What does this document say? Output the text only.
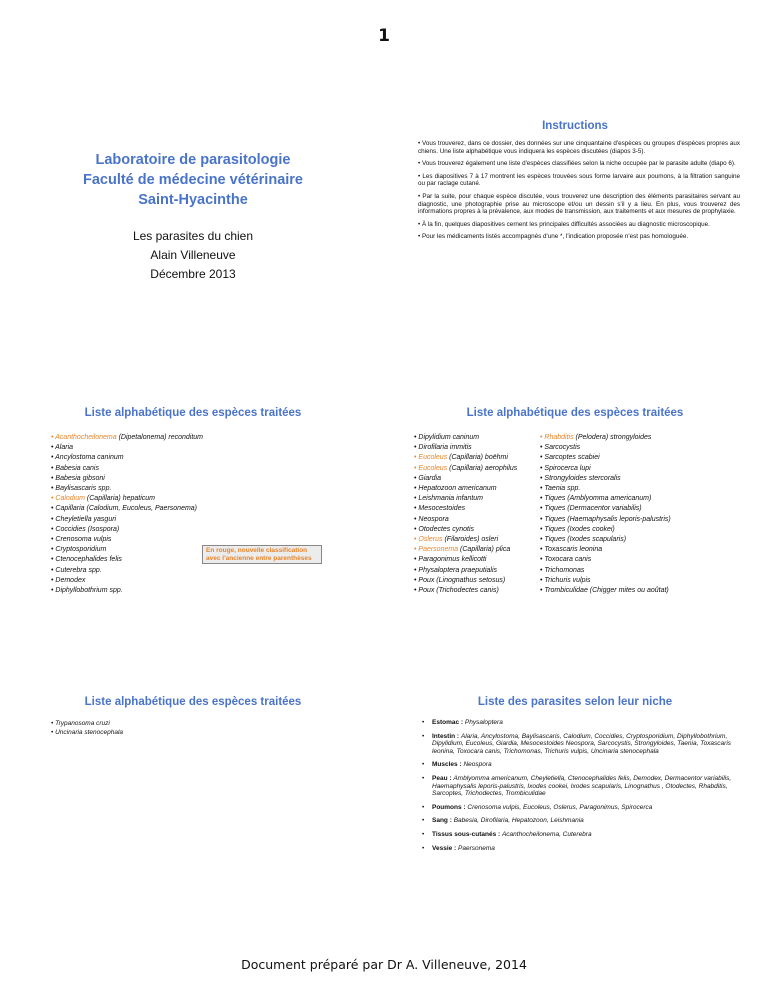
1
Laboratoire de parasitologie
Faculté de médecine vétérinaire
Saint-Hyacinthe
Les parasites du chien
Alain Villeneuve
Décembre 2013
Instructions

• Vous trouverez, dans ce dossier, des données sur une cinquantaine d'espèces ou groupes d'espèces propres aux chiens. Une liste alphabétique vous indiquera les espèces discutées (diapos 3-5).

• Vous trouverez également une liste d'espèces classifiées selon la niche occupée par le parasite adulte (diapo 6).

• Les diapositives 7 à 17 montrent les espèces trouvées sous forme larvaire aux poumons, à la filtration sanguine ou par raclage cutané.

• Par la suite, pour chaque espèce discutée, vous trouverez une description des éléments parasitaires servant au diagnostic, une photographie prise au microscope et/ou un dessin s'il y a lieu. En plus, vous trouverez des informations propres à la prévalence, aux modes de transmission, aux traitements et aux mesures de prophylaxie.

• À la fin, quelques diapositives cernent les principales difficultés associées au diagnostic microscopique.

• Pour les médicaments listés accompagnés d'une *, l'indication proposée n'est pas homologuée.

Liste alphabétique des espèces traitées
• Acanthocheilonema (Dipetalonema) reconditum
• Alaria
• Ancylostoma caninum
• Babesia canis
• Babesia gibsoni
• Baylisascaris spp.
• Calodium (Capillaria) hepaticum
• Capillaria (Calodium, Eucoleus, Paersonema)
• Cheyletiella yasguri
• Coccidies (Isospora)
• Crenosoma vulpis
• Cryptosporidium
• Ctenocephalides felis
• Cuterebra spp.
• Demodex
• Diphyllobothrium spp.
En rouge, nouvelle classification
avec l'ancienne entre parenthèses
Liste alphabétique des espèces traitées
• Dipylidium caninum
• Dirofilaria immitis
• Eucoleus (Capillaria) boëhmi
• Eucoleus (Capillaria) aerophilus
• Giardia
• Hepatozoon americanum
• Leishmania infantum
• Mesocestoides
• Neospora
• Otodectes cynotis
• Oslerus (Filaroides) osleri
• Paersonema (Capillaria) plica
• Paragonimus kellicotti
• Physaloptera praeputialis
• Poux (Linognathus setosus)
• Poux (Trichodectes canis)
• Rhabditis (Pelodera) strongyloides
• Sarcocystis
• Sarcoptes scabiei
• Spirocerca lupi
• Strongyloides stercoralis
• Taenia spp.
• Tiques (Amblyomma americanum)
• Tiques (Dermacentor variabilis)
• Tiques (Haemaphysalis leporis-palustris)
• Tiques (Ixodes cookei)
• Tiques (Ixodes scapularis)
• Toxascaris leonina
• Toxocara canis
• Trichomonas
• Trichuris vulpis
• Trombiculidae (Chigger mites ou aoûtat)
Liste alphabétique des espèces traitées
• Trypanosoma cruzi
• Uncinaria stenocephala
Liste des parasites selon leur niche
• Estomac : Physaloptera
• Intestin : Alaria, Ancylostoma, Baylisascaris, Calodium, Coccidies, Cryptosporidium, Diphyllobothrium, Dipylidium, Eucoleus, Giardia, Mesocestoides Neospora, Sarcocystis, Strongyloides, Taenia, Toxascaris leonina, Toxocara canis, Trichomonas, Trichuris vulpis, Uncinaria stenocephala
• Muscles : Neospora
• Peau : Amblyomma americanum, Cheyletiella, Ctenocephalides felis, Demodex, Dermacentor variabilis, Haemaphysalis leporis-palustris, Ixodes cookei, Ixodes scapularis, Linognathus , Otodectes, Rhabditis, Sarcoptes, Trichodectes, Trombiculidae
• Poumons : Crenosoma vulpis, Eucoleus, Oslerus, Paragonimus, Spirocerca
• Sang : Babesia, Dirofilaria, Hepatozoon, Leishmania
• Tissus sous-cutanés : Acanthocheilonema, Cuterebra
• Vessie : Paersonema
Document préparé par Dr A. Villeneuve, 2014
